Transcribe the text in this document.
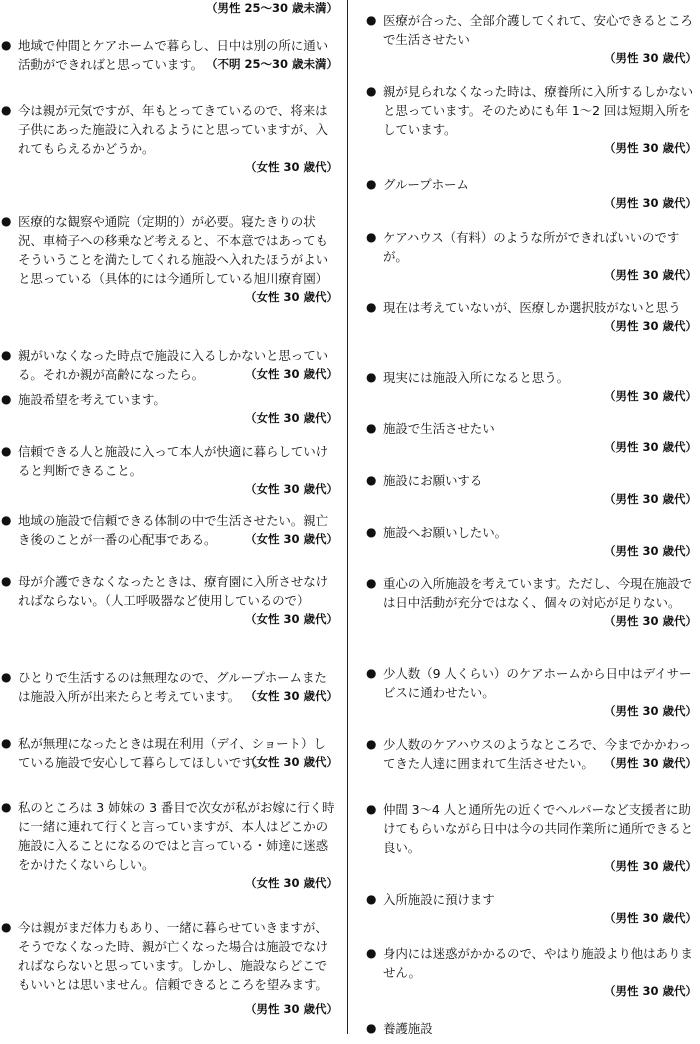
（男性 25～30 歳未満）
● 地域で仲間とケアホームで暮らし、日中は別の所に通い活動ができればと思っています。 （不明 25～30 歳未満）
● 今は親が元気ですが、年もとってきているので、将来は子供にあった施設に入れるようにと思っていますが、入れてもらえるかどうか。
（女性 30 歳代）
● 医療的な観察や通院（定期的）が必要。寝たきりの状況、車椅子への移乗など考えると、不本意ではあってもそういうことを満たしてくれる施設へ入れたほうがよいと思っている（具体的には今通所している旭川療育園）
（女性 30 歳代）
● 親がいなくなった時点で施設に入るしかないと思っている。それか親が高齢になったら。	（女性 30 歳代）
● 施設希望を考えています。
（女性 30 歳代）
● 信頼できる人と施設に入って本人が快適に暮らしていけると判断できること。
（女性 30 歳代）
● 地域の施設で信頼できる体制の中で生活させたい。親亡き後のことが一番の心配事である。	（女性 30 歳代）
● 母が介護できなくなったときは、療育園に入所させなければならない。（人工呼吸器など使用しているので）
（女性 30 歳代）
● ひとりで生活するのは無理なので、グループホームまたは施設入所が出来たらと考えています。 （女性 30 歳代）
● 私が無理になったときは現在利用（デイ、ショート）している施設で安心して暮らしてほしいです。
（女性 30 歳代）
● 私のところは 3 姉妹の 3 番目で次女が私がお嫁に行く時に一緒に連れて行くと言っていますが、本人はどこかの施設に入ることになるのではと言っている・姉達に迷惑をかけたくないらしい。
（女性 30 歳代）
● 今は親がまだ体力もあり、一緒に暮らせていきますが、そうでなくなった時、親が亡くなった場合は施設でなければならないと思っています。しかし、施設ならどこでもいいとは思いません。信頼できるところを望みます。
（男性 30 歳代）
● 医療が合った、全部介護してくれて、安心できるところで生活させたい
（男性 30 歳代）
● 親が見られなくなった時は、療養所に入所するしかないと思っています。そのためにも年 1～2 回は短期入所をしています。
（男性 30 歳代）
● グループホーム
（男性 30 歳代）
● ケアハウス（有料）のような所ができればいいのですが。
（男性 30 歳代）
● 現在は考えていないが、医療しか選択肢がないと思う
（男性 30 歳代）
● 現実には施設入所になると思う。
（男性 30 歳代）
● 施設で生活させたい
（男性 30 歳代）
● 施設にお願いする
（男性 30 歳代）
● 施設へお願いしたい。
（男性 30 歳代）
● 重心の入所施設を考えています。ただし、今現在施設では日中活動が充分ではなく、個々の対応が足りない。
（男性 30 歳代）
● 少人数（9 人くらい）のケアホームから日中はデイサービスに通わせたい。
（男性 30 歳代）
● 少人数のケアハウスのようなところで、今までかかわってきた人達に囲まれて生活させたい。 （男性 30 歳代）
● 仲間 3～4 人と通所先の近くでヘルパーなど支援者に助けてもらいながら日中は今の共同作業所に通所できると良い。
（男性 30 歳代）
● 入所施設に預けます
（男性 30 歳代）
● 身内には迷惑がかかるので、やはり施設より他はありません。
（男性 30 歳代）
● 養護施設
